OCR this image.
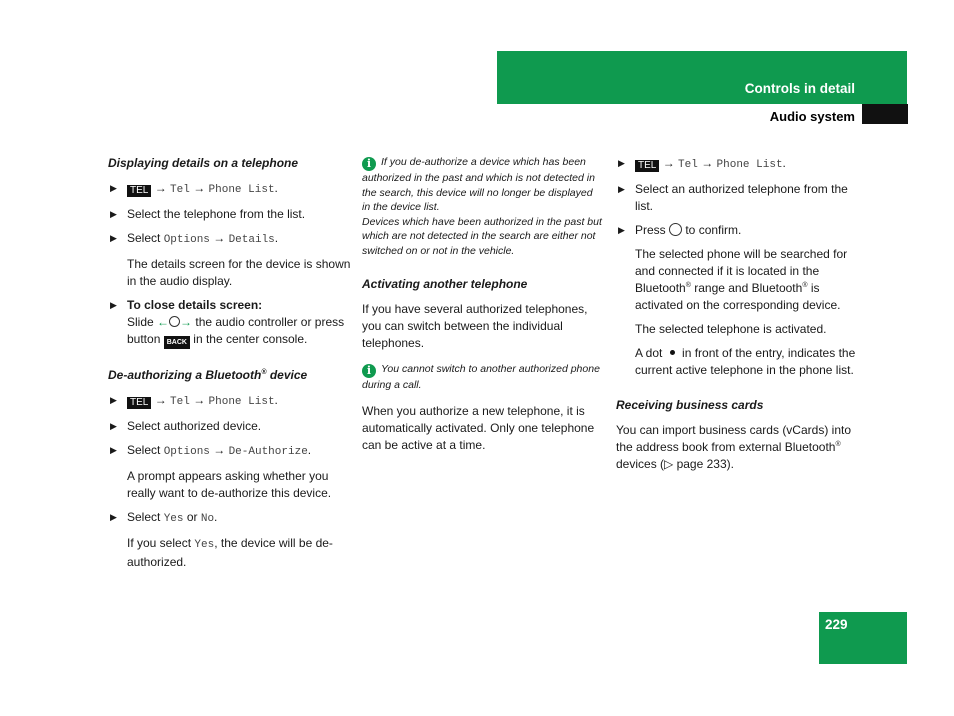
Controls in detail
Audio system
229
Displaying details on a telephone
▶ TEL → Tel → Phone List.
▶ Select the telephone from the list.
▶ Select Options → Details.
The details screen for the device is shown in the audio display.
▶ To close details screen:
Slide ← → the audio controller or press button BACK in the center console.
De-authorizing a Bluetooth® device
▶ TEL → Tel → Phone List.
▶ Select authorized device.
▶ Select Options → De-Authorize.
A prompt appears asking whether you really want to de-authorize this device.
▶ Select Yes or No.
If you select Yes, the device will be de-authorized.
i If you de-authorize a device which has been authorized in the past and which is not detected in the search, this device will no longer be displayed in the device list.
Devices which have been authorized in the past but which are not detected in the search are either not switched on or not in the vehicle.
Activating another telephone
If you have several authorized telephones, you can switch between the individual telephones.
i You cannot switch to another authorized phone during a call.
When you authorize a new telephone, it is automatically activated. Only one telephone can be active at a time.
▶ TEL → Tel → Phone List.
▶ Select an authorized telephone from the list.
▶ Press  to confirm.
The selected phone will be searched for and connected if it is located in the Bluetooth® range and Bluetooth® is activated on the corresponding device.
The selected telephone is activated.
A dot  in front of the entry, indicates the current active telephone in the phone list.
Receiving business cards
You can import business cards (vCards) into the address book from external Bluetooth® devices (▷ page 233).
